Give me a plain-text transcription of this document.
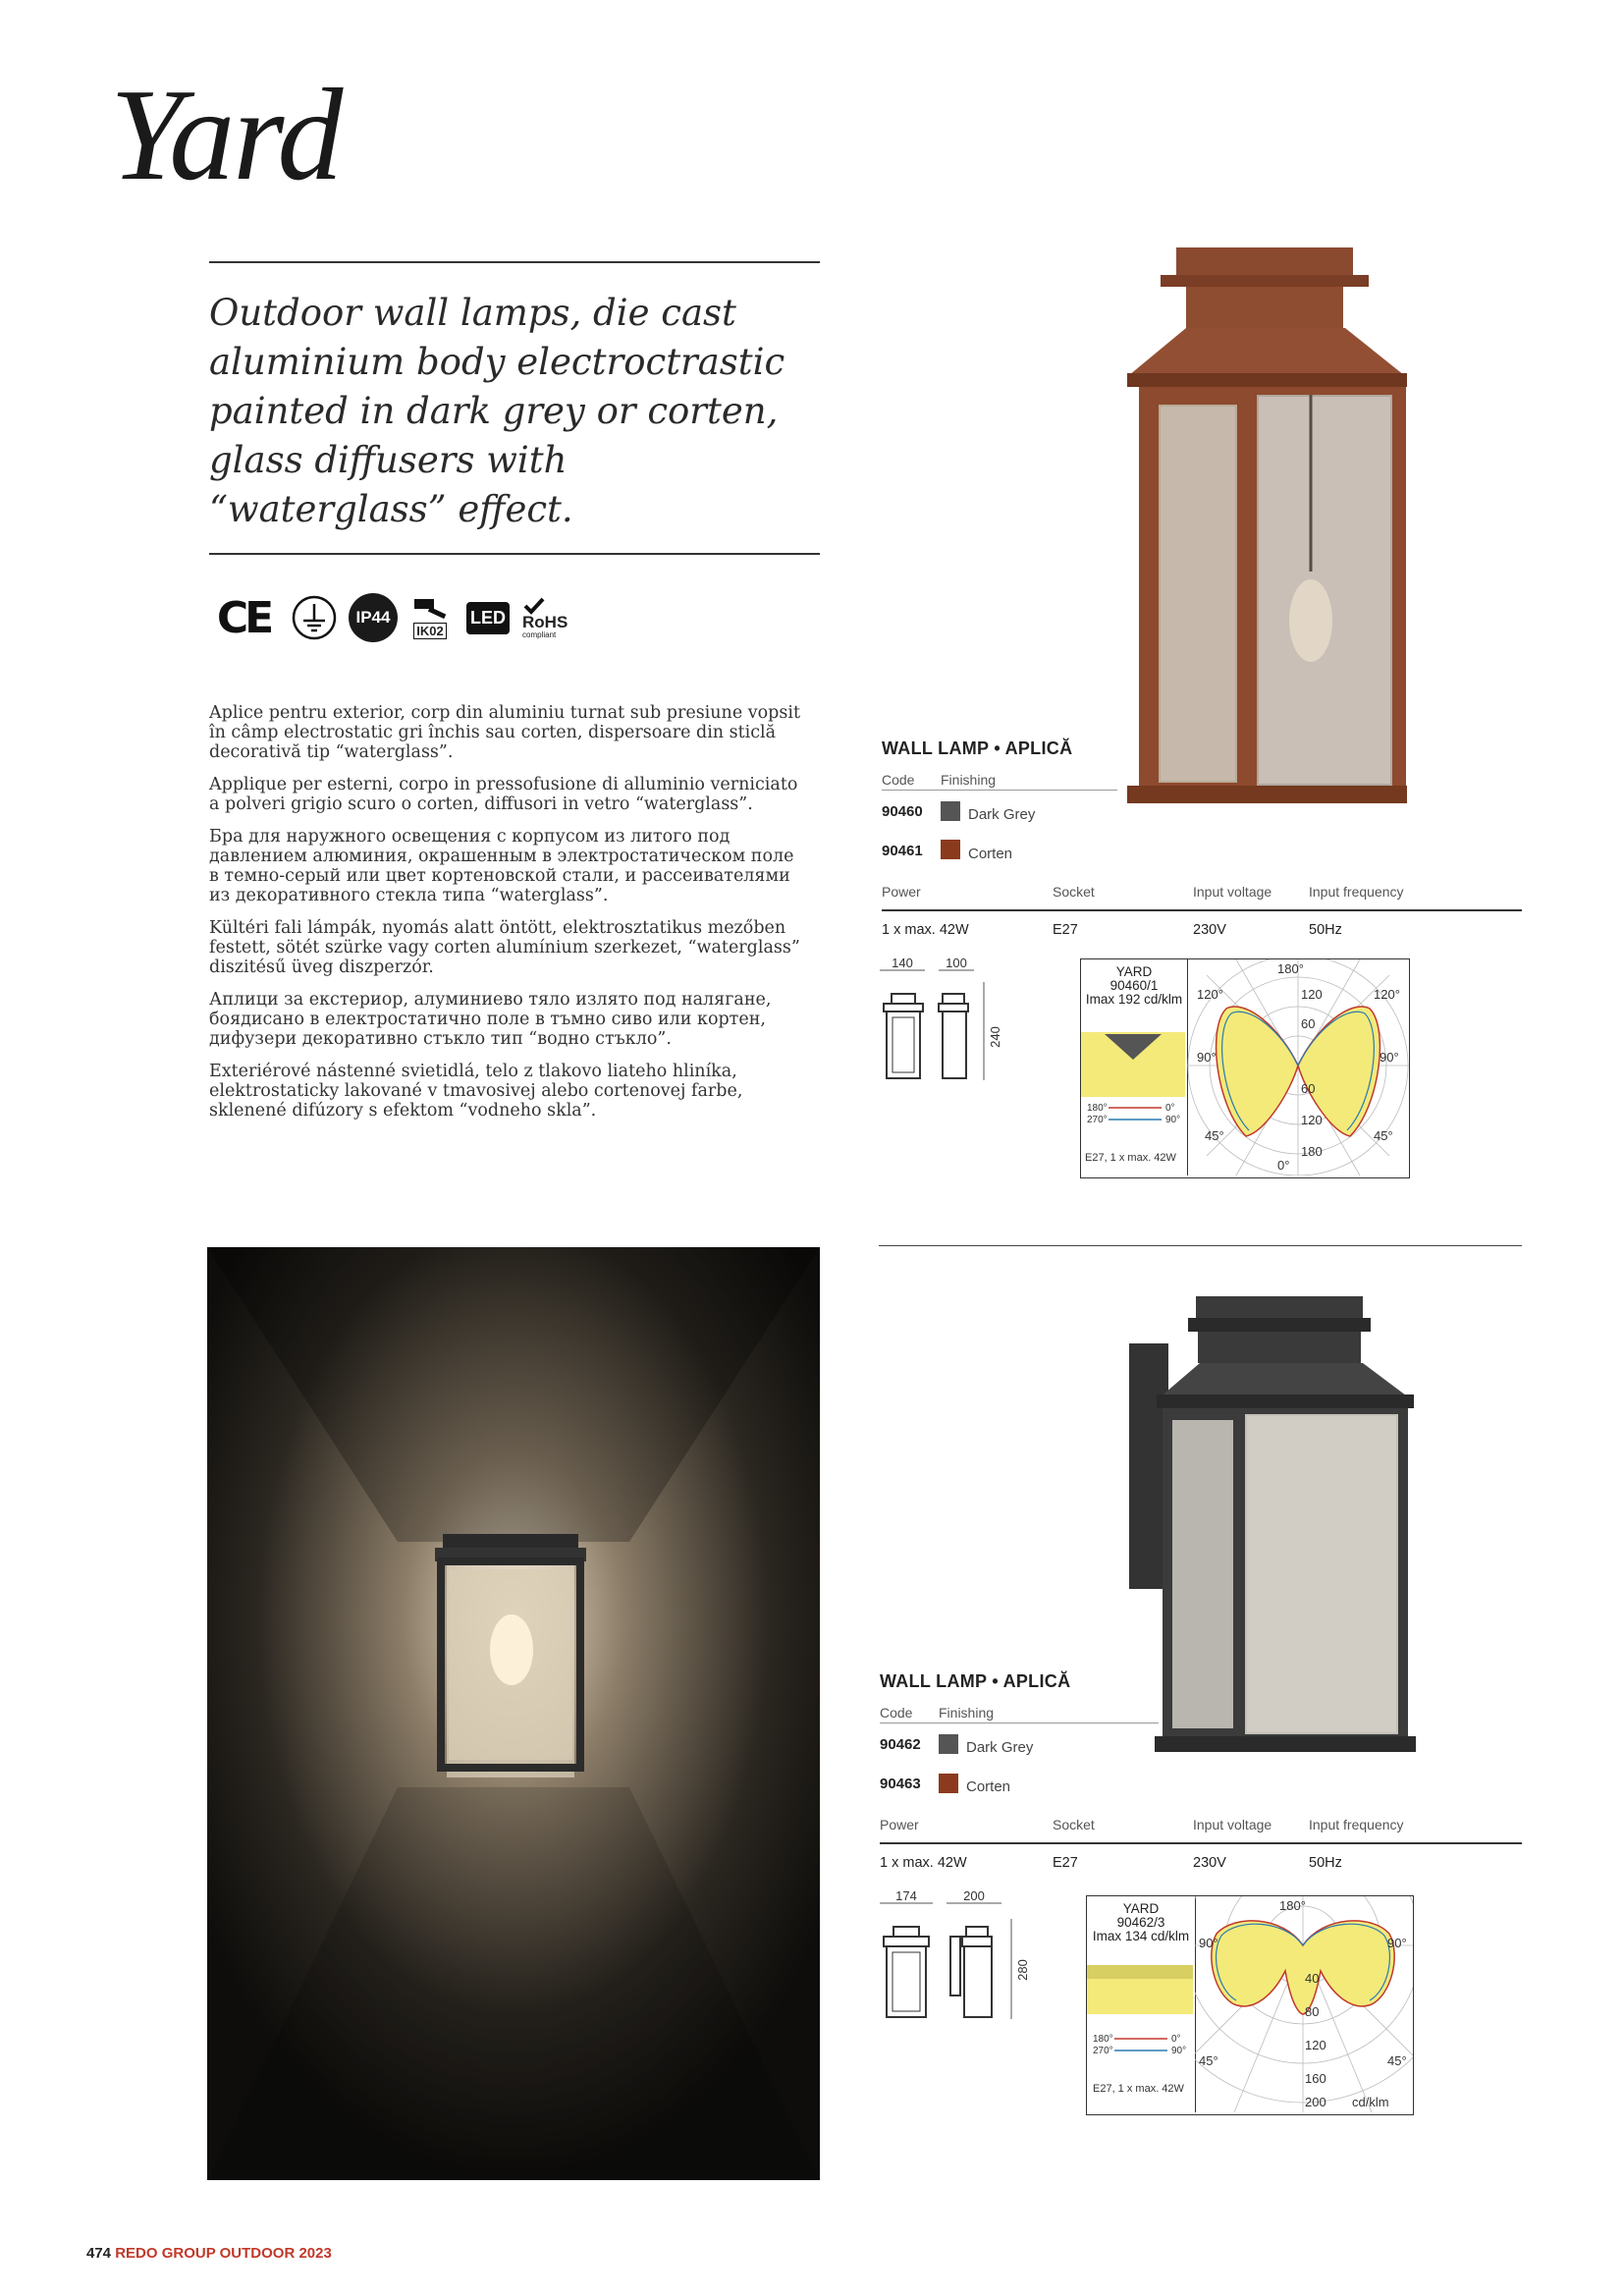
Yard
Outdoor wall lamps, die cast aluminium body electroctrastic painted in dark grey or corten, glass diffusers with “waterglass” effect.
CE	IP44
IK02
LED RoHS
compliant

Aplice pentru exterior, corp din aluminiu turnat sub presiune vopsit în câmp electrostatic gri închis sau corten, dispersoare din sticlă decorativă tip “waterglass”.

Applique per esterni, corpo in pressofusione di alluminio verniciato a polveri grigio scuro o corten, diffusori in vetro “waterglass”.

Бра для наружного освещения с корпусом из литого под давлением алюминия, окрашенным в электростатическом поле в темно-серый или цвет кортеновской стали, и рассеивателями из декоративного стекла типа “waterglass”.

Kültéri fali lámpák, nyomás alatt öntött, elektrosztatikus mezőben festett, sötét szürke vagy corten alumínium szerkezet, “waterglass” diszitésű üveg diszperzór.

Аплици за екстериор, алуминиево тяло излято под налягане, боядисано в електростатично поле в тъмно сиво или кортен, дифузери декоративно стъкло тип “водно стъкло”.

Exteriérové nástenné svietidlá, telo z tlakovo liateho hliníka, elektrostaticky lakované v tmavosivej alebo cortenovej farbe, sklenené difúzory s efektom “vodneho skla”.

WALL LAMP • APLICĂ
Code Finishing
90460	Dark Grey
90461	Corten
Power	Socket	Input voltage	Input frequency
1 x max. 42W	E27	230V	50Hz
140	100
240
YARD
90460/1
Imax 192 cd/klm
180°	0°
270°	90°
E27, 1 x max. 42W
180°
120°	120	120°
60
90°	90°
60
120
45°
180
45°
0°
WALL LAMP • APLICĂ
Code Finishing
90462	Dark Grey
90463	Corten
Power	Socket	Input voltage	Input frequency
1 x max. 42W	E27	230V	50Hz
174	200
280
YARD
90462/3
Imax 134 cd/klm
180°	0°
270°	90°
E27, 1 x max. 42W
180°
90°	90°
40
80
120
45°	45°
160
200 cd/klm
474 REDO GROUP OUTDOOR 2023
